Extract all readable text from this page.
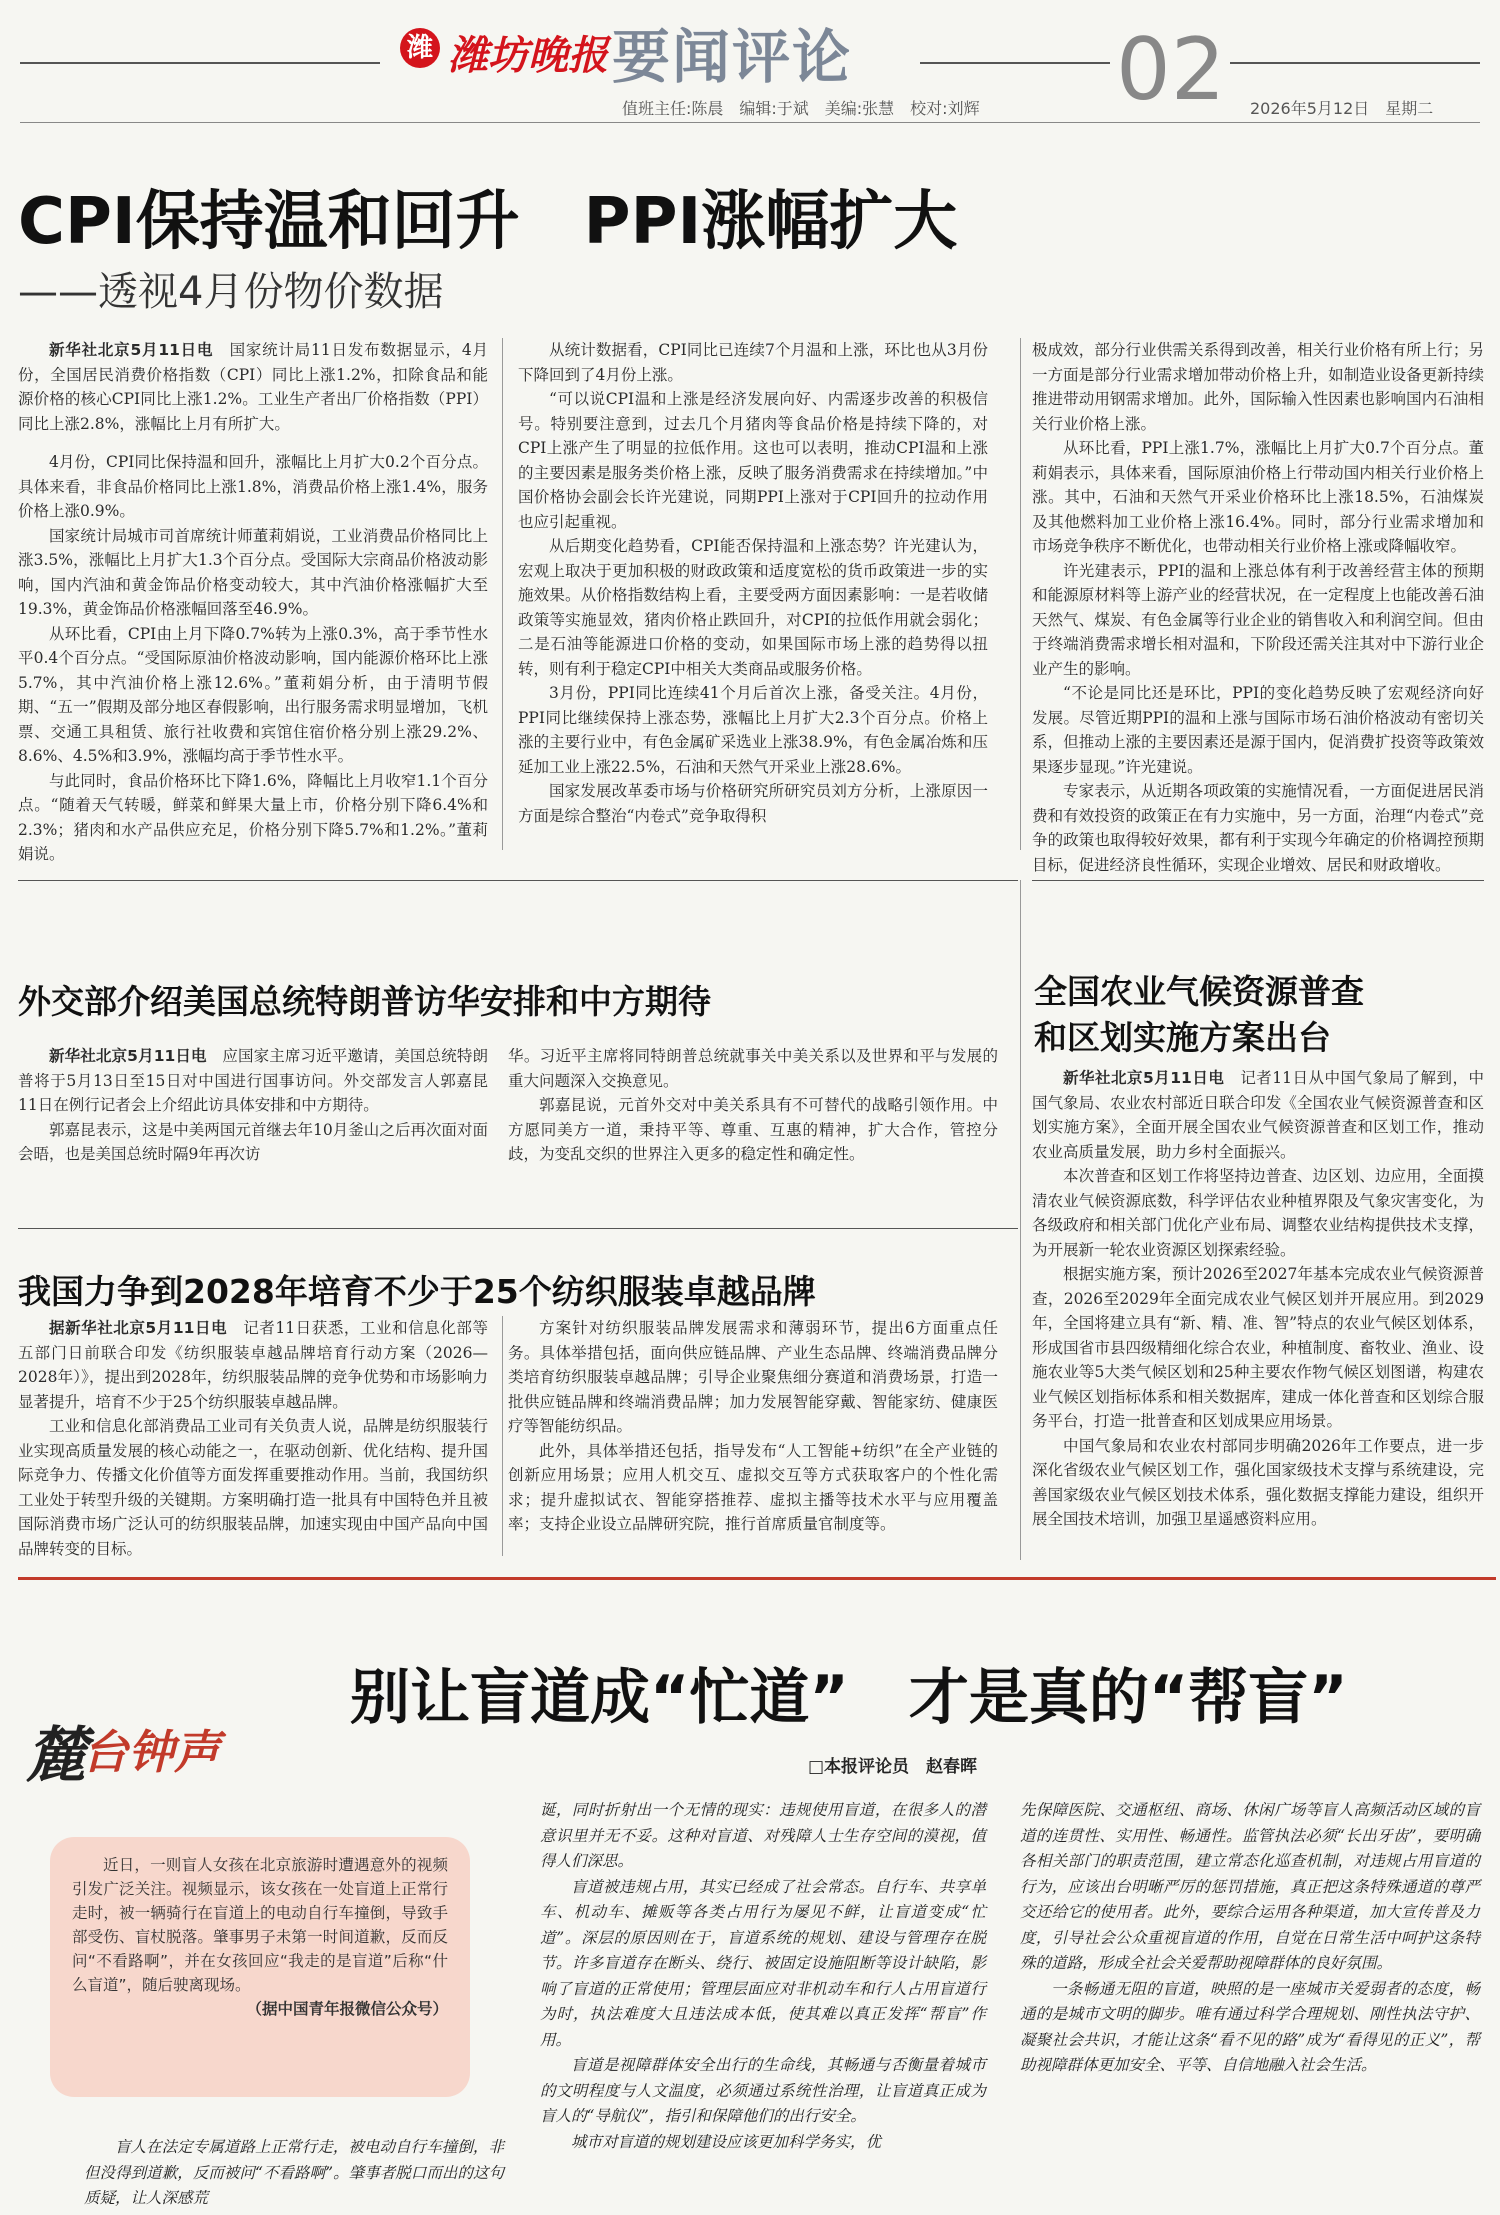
潍 潍坊晚报 要闻评论	02
值班主任:陈晨　编辑:于斌　美编:张慧　校对:刘辉	2026年5月12日　星期二
CPI保持温和回升　PPI涨幅扩大
——透视4月份物价数据

新华社北京5月11日电　 国家统计局11日发布数据显示，4月份，全国居民消费价格指数（CPI）同比上涨1.2%，扣除食品和能源价格的核心CPI同比上涨1.2%。工业生产者出厂价格指数（PPI）同比上涨2.8%，涨幅比上月有所扩大。

4月份，CPI同比保持温和回升，涨幅比上月扩大0.2个百分点。具体来看，非食品价格同比上涨1.8%，消费品价格上涨1.4%，服务价格上涨0.9%。

国家统计局城市司首席统计师董莉娟说，工业消费品价格同比上涨3.5%，涨幅比上月扩大1.3个百分点。受国际大宗商品价格波动影响，国内汽油和黄金饰品价格变动较大，其中汽油价格涨幅扩大至19.3%，黄金饰品价格涨幅回落至46.9%。

从环比看，CPI由上月下降0.7%转为上涨0.3%，高于季节性水平0.4个百分点。“受国际原油价格波动影响，国内能源价格环比上涨5.7%，其中汽油价格上涨12.6%。”董莉娟分析，由于清明节假期、“五一”假期及部分地区春假影响，出行服务需求明显增加，飞机票、交通工具租赁、旅行社收费和宾馆住宿价格分别上涨29.2%、8.6%、4.5%和3.9%，涨幅均高于季节性水平。

与此同时，食品价格环比下降1.6%，降幅比上月收窄1.1个百分点。“随着天气转暖，鲜菜和鲜果大量上市，价格分别下降6.4%和2.3%；猪肉和水产品供应充足，价格分别下降5.7%和1.2%。”董莉娟说。

从统计数据看，CPI同比已连续7个月温和上涨，环比也从3月份下降回到了4月份上涨。

“可以说CPI温和上涨是经济发展向好、内需逐步改善的积极信号。特别要注意到，过去几个月猪肉等食品价格是持续下降的，对CPI上涨产生了明显的拉低作用。这也可以表明，推动CPI温和上涨的主要因素是服务类价格上涨，反映了服务消费需求在持续增加。”中国价格协会副会长许光建说，同期PPI上涨对于CPI回升的拉动作用也应引起重视。

从后期变化趋势看，CPI能否保持温和上涨态势？许光建认为，宏观上取决于更加积极的财政政策和适度宽松的货币政策进一步的实施效果。从价格指数结构上看，主要受两方面因素影响：一是若收储政策等实施显效，猪肉价格止跌回升，对CPI的拉低作用就会弱化；二是石油等能源进口价格的变动，如果国际市场上涨的趋势得以扭转，则有利于稳定CPI中相关大类商品或服务价格。

3月份，PPI同比连续41个月后首次上涨，备受关注。4月份，PPI同比继续保持上涨态势，涨幅比上月扩大2.3个百分点。价格上涨的主要行业中，有色金属矿采选业上涨38.9%，有色金属冶炼和压延加工业上涨22.5%，石油和天然气开采业上涨28.6%。

国家发展改革委市场与价格研究所研究员刘方分析，上涨原因一方面是综合整治“内卷式”竞争取得积

极成效，部分行业供需关系得到改善，相关行业价格有所上行；另一方面是部分行业需求增加带动价格上升，如制造业设备更新持续推进带动用钢需求增加。此外，国际输入性因素也影响国内石油相关行业价格上涨。

从环比看，PPI上涨1.7%，涨幅比上月扩大0.7个百分点。董莉娟表示，具体来看，国际原油价格上行带动国内相关行业价格上涨。其中，石油和天然气开采业价格环比上涨18.5%，石油煤炭及其他燃料加工业价格上涨16.4%。同时，部分行业需求增加和市场竞争秩序不断优化，也带动相关行业价格上涨或降幅收窄。

许光建表示，PPI的温和上涨总体有利于改善经营主体的预期和能源原材料等上游产业的经营状况，在一定程度上也能改善石油天然气、煤炭、有色金属等行业企业的销售收入和利润空间。但由于终端消费需求增长相对温和，下阶段还需关注其对中下游行业企业产生的影响。

“不论是同比还是环比，PPI的变化趋势反映了宏观经济向好发展。尽管近期PPI的温和上涨与国际市场石油价格波动有密切关系，但推动上涨的主要因素还是源于国内，促消费扩投资等政策效果逐步显现。”许光建说。

专家表示，从近期各项政策的实施情况看，一方面促进居民消费和有效投资的政策正在有力实施中，另一方面，治理“内卷式”竞争的政策也取得较好效果，都有利于实现今年确定的价格调控预期目标，促进经济良性循环，实现企业增效、居民和财政增收。

外交部介绍美国总统特朗普访华安排和中方期待

新华社北京5月11日电　 应国家主席习近平邀请，美国总统特朗普将于5月13日至15日对中国进行国事访问。外交部发言人郭嘉昆11日在例行记者会上介绍此访具体安排和中方期待。

郭嘉昆表示，这是中美两国元首继去年10月釜山之后再次面对面会晤，也是美国总统时隔9年再次访

华。习近平主席将同特朗普总统就事关中美关系以及世界和平与发展的重大问题深入交换意见。

郭嘉昆说，元首外交对中美关系具有不可替代的战略引领作用。中方愿同美方一道，秉持平等、尊重、互惠的精神，扩大合作，管控分歧，为变乱交织的世界注入更多的稳定性和确定性。

我国力争到2028年培育不少于25个纺织服装卓越品牌

据新华社北京5月11日电　 记者11日获悉，工业和信息化部等五部门日前联合印发《纺织服装卓越品牌培育行动方案（2026—2028年）》，提出到2028年，纺织服装品牌的竞争优势和市场影响力显著提升，培育不少于25个纺织服装卓越品牌。

工业和信息化部消费品工业司有关负责人说，品牌是纺织服装行业实现高质量发展的核心动能之一，在驱动创新、优化结构、提升国际竞争力、传播文化价值等方面发挥重要推动作用。当前，我国纺织工业处于转型升级的关键期。方案明确打造一批具有中国特色并且被国际消费市场广泛认可的纺织服装品牌，加速实现由中国产品向中国品牌转变的目标。

方案针对纺织服装品牌发展需求和薄弱环节，提出6方面重点任务。具体举措包括，面向供应链品牌、产业生态品牌、终端消费品牌分类培育纺织服装卓越品牌；引导企业聚焦细分赛道和消费场景，打造一批供应链品牌和终端消费品牌；加力发展智能穿戴、智能家纺、健康医疗等智能纺织品。

此外，具体举措还包括，指导发布“人工智能+纺织”在全产业链的创新应用场景；应用人机交互、虚拟交互等方式获取客户的个性化需求；提升虚拟试衣、智能穿搭推荐、虚拟主播等技术水平与应用覆盖率；支持企业设立品牌研究院，推行首席质量官制度等。

全国农业气候资源普查
和区划实施方案出台

新华社北京5月11日电　 记者11日从中国气象局了解到，中国气象局、农业农村部近日联合印发《全国农业气候资源普查和区划实施方案》，全面开展全国农业气候资源普查和区划工作，推动农业高质量发展，助力乡村全面振兴。

本次普查和区划工作将坚持边普查、边区划、边应用，全面摸清农业气候资源底数，科学评估农业种植界限及气象灾害变化，为各级政府和相关部门优化产业布局、调整农业结构提供技术支撑，为开展新一轮农业资源区划探索经验。

根据实施方案，预计2026至2027年基本完成农业气候资源普查，2026至2029年全面完成农业气候区划并开展应用。到2029年，全国将建立具有“新、精、准、智”特点的农业气候区划体系，形成国省市县四级精细化综合农业，种植制度、畜牧业、渔业、设施农业等5大类气候区划和25种主要农作物气候区划图谱，构建农业气候区划指标体系和相关数据库，建成一体化普查和区划综合服务平台，打造一批普查和区划成果应用场景。

中国气象局和农业农村部同步明确2026年工作要点，进一步深化省级农业气候区划工作，强化国家级技术支撑与系统建设，完善国家级农业气候区划技术体系，强化数据支撑能力建设，组织开展全国技术培训，加强卫星遥感资料应用。

麓
台钟声
别让盲道成“忙道”　才是真的“帮盲”
□本报评论员　赵春晖

近日，一则盲人女孩在北京旅游时遭遇意外的视频引发广泛关注。视频显示，该女孩在一处盲道上正常行走时，被一辆骑行在盲道上的电动自行车撞倒，导致手部受伤、盲杖脱落。肇事男子未第一时间道歉，反而反问“不看路啊”，并在女孩回应“我走的是盲道”后称“什么盲道”，随后驶离现场。

（据中国青年报微信公众号）

盲人在法定专属道路上正常行走，被电动自行车撞倒，非但没得到道歉，反而被问“不看路啊”。肇事者脱口而出的这句质疑，让人深感荒

诞，同时折射出一个无情的现实：违规使用盲道，在很多人的潜意识里并无不妥。这种对盲道、对残障人士生存空间的漠视，值得人们深思。

盲道被违规占用，其实已经成了社会常态。自行车、共享单车、机动车、摊贩等各类占用行为屡见不鲜，让盲道变成“忙道”。深层的原因则在于，盲道系统的规划、建设与管理存在脱节。许多盲道存在断头、绕行、被固定设施阻断等设计缺陷，影响了盲道的正常使用；管理层面应对非机动车和行人占用盲道行为时，执法难度大且违法成本低，使其难以真正发挥“帮盲”作用。

盲道是视障群体安全出行的生命线，其畅通与否衡量着城市的文明程度与人文温度，必须通过系统性治理，让盲道真正成为盲人的“导航仪”，指引和保障他们的出行安全。

城市对盲道的规划建设应该更加科学务实，优

先保障医院、交通枢纽、商场、休闲广场等盲人高频活动区域的盲道的连贯性、实用性、畅通性。监管执法必须“长出牙齿”，要明确各相关部门的职责范围，建立常态化巡查机制，对违规占用盲道的行为，应该出台明晰严厉的惩罚措施，真正把这条特殊通道的尊严交还给它的使用者。此外，要综合运用各种渠道，加大宣传普及力度，引导社会公众重视盲道的作用，自觉在日常生活中呵护这条特殊的道路，形成全社会关爱帮助视障群体的良好氛围。

一条畅通无阻的盲道，映照的是一座城市关爱弱者的态度，畅通的是城市文明的脚步。唯有通过科学合理规划、刚性执法守护、凝聚社会共识，才能让这条“看不见的路”成为“看得见的正义”，帮助视障群体更加安全、平等、自信地融入社会生活。
